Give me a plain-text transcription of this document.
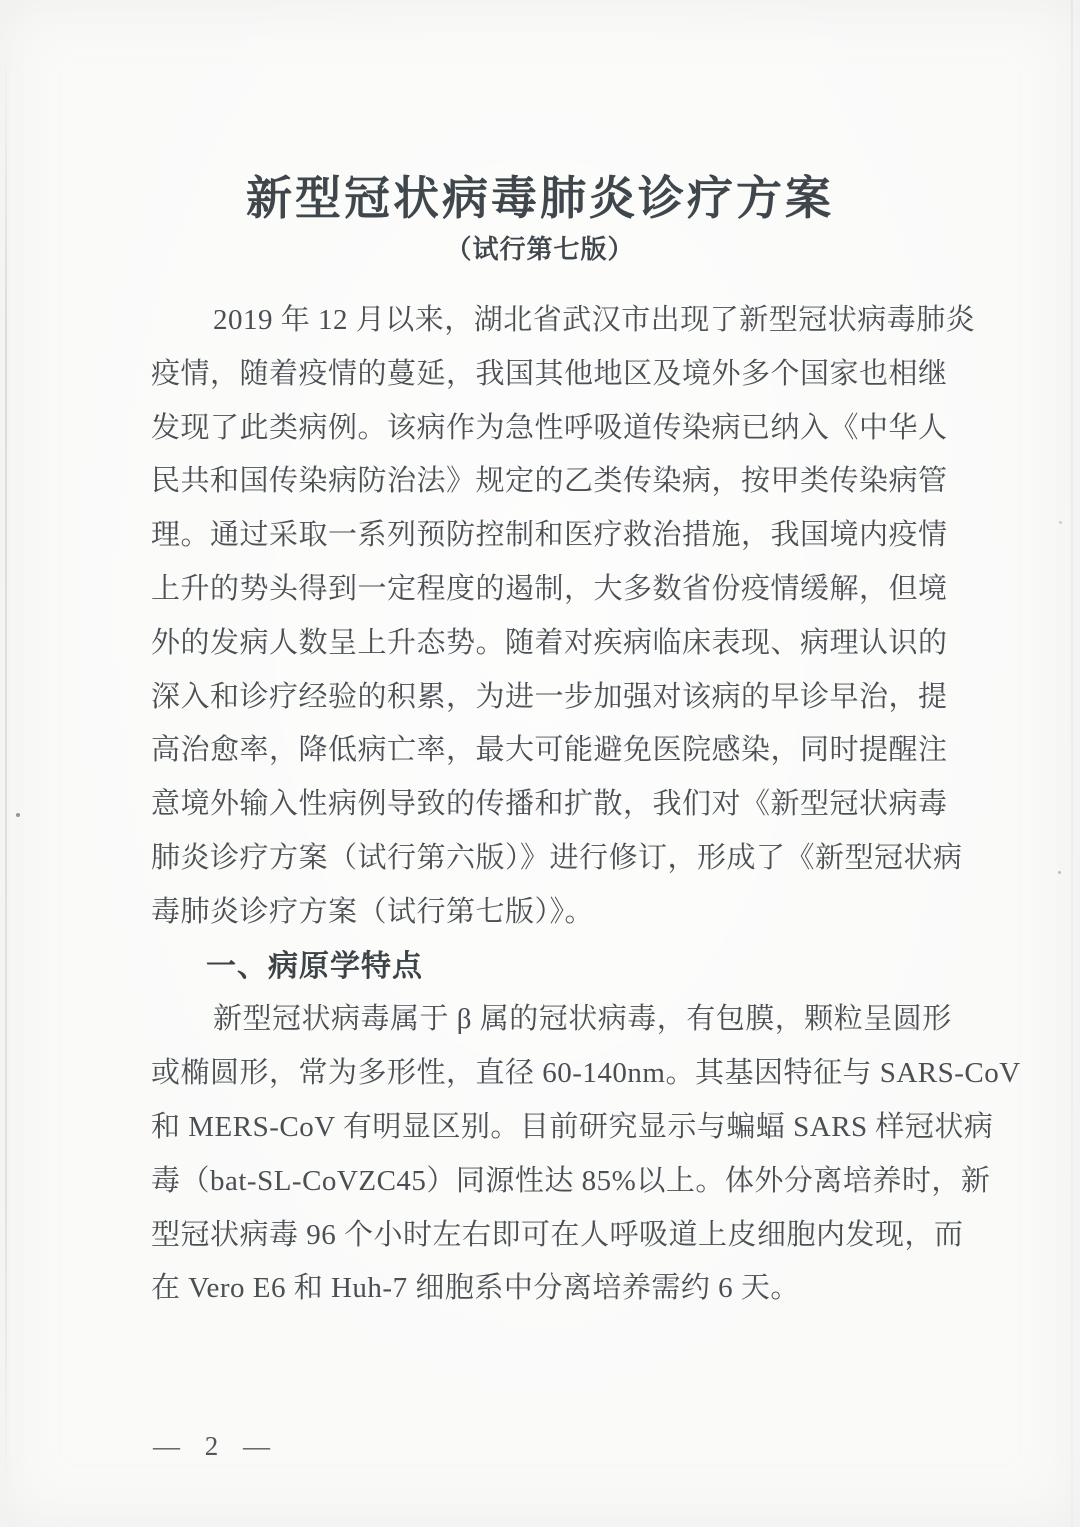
新型冠状病毒肺炎诊疗方案
（试行第七版）
2019 年 12 月以来，湖北省武汉市出现了新型冠状病毒肺炎
疫情，随着疫情的蔓延，我国其他地区及境外多个国家也相继
发现了此类病例。该病作为急性呼吸道传染病已纳入《中华人
民共和国传染病防治法》规定的乙类传染病，按甲类传染病管
理。通过采取一系列预防控制和医疗救治措施，我国境内疫情
上升的势头得到一定程度的遏制，大多数省份疫情缓解，但境
外的发病人数呈上升态势。随着对疾病临床表现、病理认识的
深入和诊疗经验的积累，为进一步加强对该病的早诊早治，提
高治愈率，降低病亡率，最大可能避免医院感染，同时提醒注
意境外输入性病例导致的传播和扩散，我们对《新型冠状病毒
肺炎诊疗方案（试行第六版）》进行修订，形成了《新型冠状病
毒肺炎诊疗方案（试行第七版）》。
一、病原学特点
新型冠状病毒属于 β 属的冠状病毒，有包膜，颗粒呈圆形
或椭圆形，常为多形性，直径 60-140nm。其基因特征与 SARS-CoV
和 MERS-CoV 有明显区别。目前研究显示与蝙蝠 SARS 样冠状病
毒（bat-SL-CoVZC45）同源性达 85%以上。体外分离培养时，新
型冠状病毒 96 个小时左右即可在人呼吸道上皮细胞内发现，而
在 Vero E6 和 Huh-7 细胞系中分离培养需约 6 天。
— 2 —
